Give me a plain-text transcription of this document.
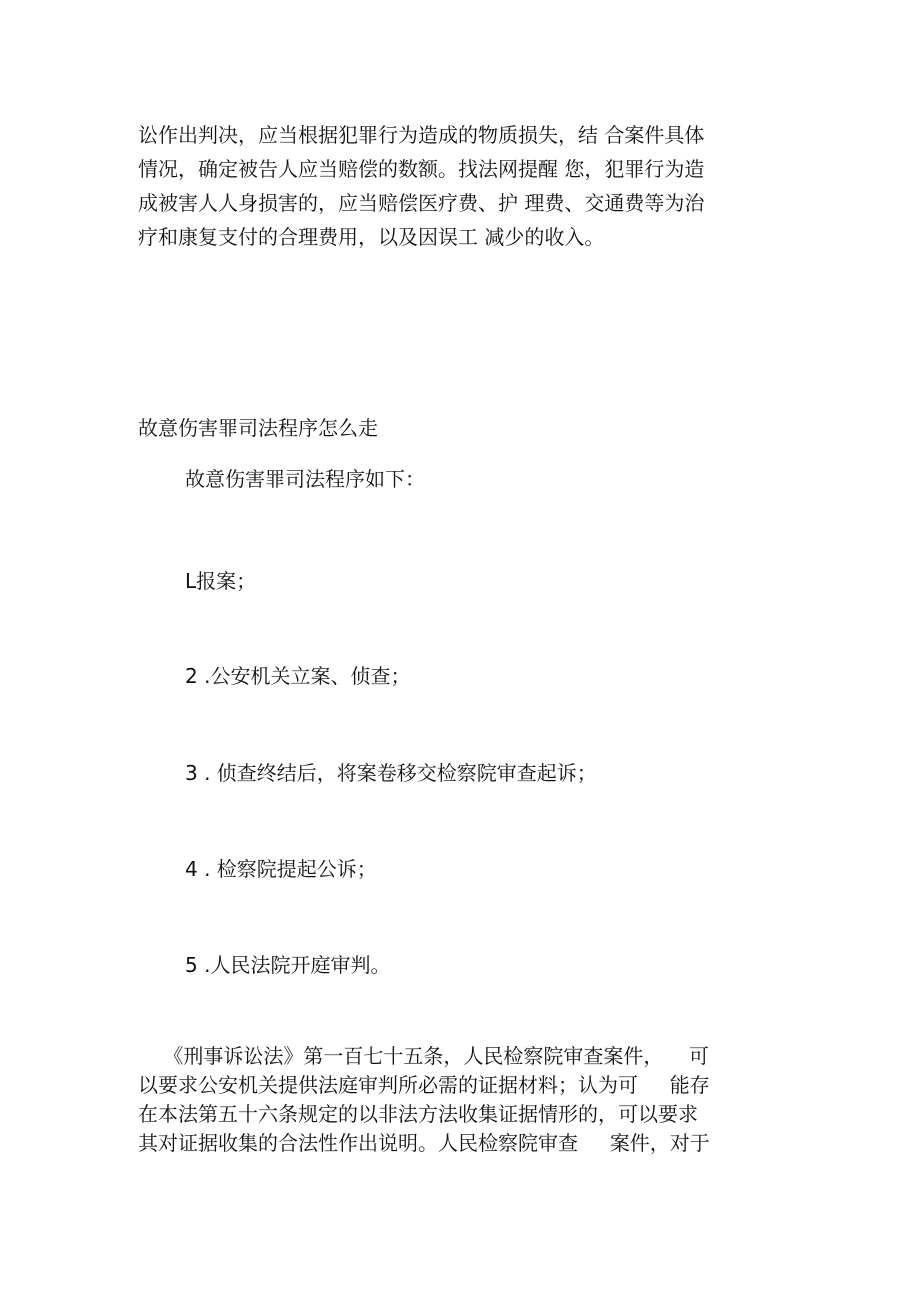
讼作出判决，应当根据犯罪行为造成的物质损失，结 合案件具体
情况，确定被告人应当赔偿的数额。找法网提醒 您，犯罪行为造
成被害人人身损害的，应当赔偿医疗费、护 理费、交通费等为治
疗和康复支付的合理费用，以及因误工 减少的收入。

故意伤害罪司法程序怎么走

故意伤害罪司法程序如下：

L报案；

2 .公安机关立案、侦查；

3 . 侦查终结后，将案卷移交检察院审查起诉；

4 . 检察院提起公诉；

5 .人民法院开庭审判。

《刑事诉讼法》第一百七十五条，人民检察院审查案件，    可
以要求公安机关提供法庭审判所必需的证据材料；认为可     能存
在本法第五十六条规定的以非法方法收集证据情形的，可以要求
其对证据收集的合法性作出说明。人民检察院审查     案件，对于
